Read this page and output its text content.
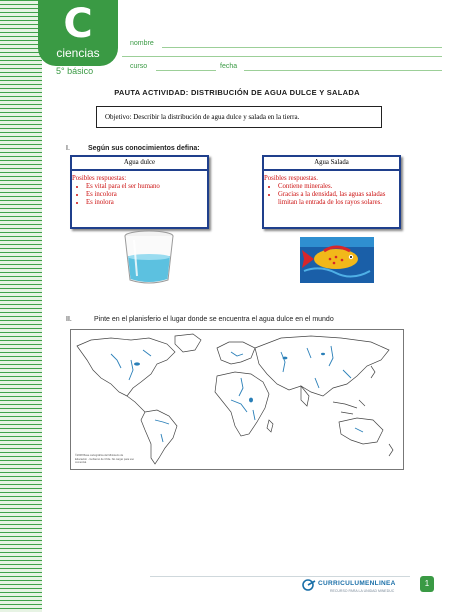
C
ciencias
5° básico
nombre
curso	fecha
PAUTA ACTIVIDAD: DISTRIBUCIÓN DE AGUA DULCE Y SALADA
Objetivo: Describir la distribución de agua dulce y salada en la tierra.
I.	Según sus conocimientos defina:
Agua dulce
Posibles respuestas:
• Es vital para el ser humano
• Es incolora
• Es inolora
Agua Salada
Posibles respuestas.
• Contiene minerales.
• Gracias a la densidad, las aguas saladas limitan la entrada de los rayos solares.
II.	Pinte en el planisferio el lugar donde se encuentra el agua dulce en el mundo
©2008 Base cartográfica del Ministerio de Educación - Gobierno de Chile. No cargar para uso comercial.
CURRICULUMENLINEA
RECURSO PARA LA UNIDAD MINEDUC
1
